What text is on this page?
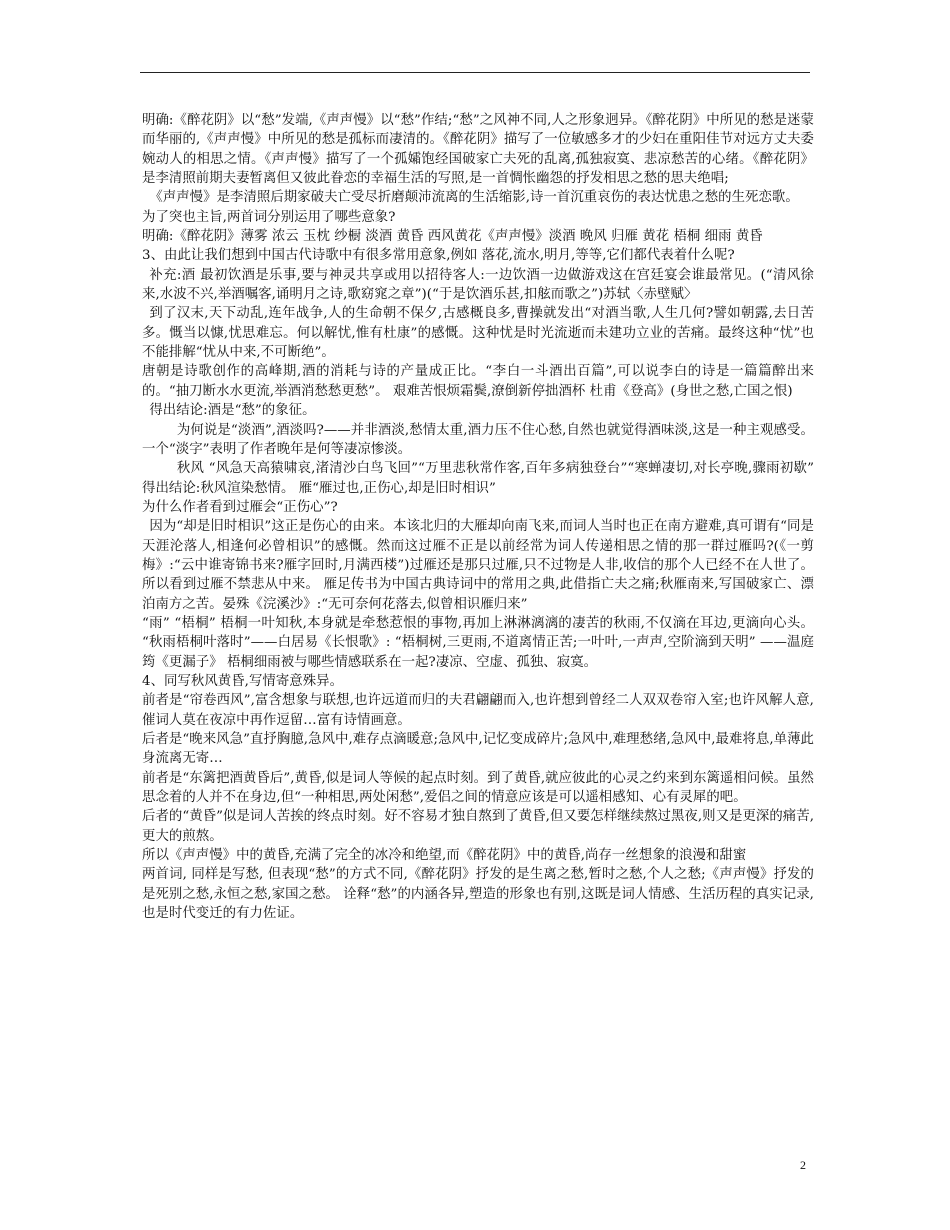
明确:《醉花阴》以“愁”发端,《声声慢》以“愁”作结;“愁”之风神不同,人之形象迥异。《醉花阴》中所见的愁是迷蒙而华丽的,《声声慢》中所见的愁是孤标而凄清的。《醉花阴》描写了一位敏感多才的少妇在重阳佳节对远方丈夫委婉动人的相思之情。《声声慢》描写了一个孤孀饱经国破家亡夫死的乱离,孤独寂寞、悲凉愁苦的心绪。《醉花阴》是李清照前期夫妻暂离但又彼此眷恋的幸福生活的写照,是一首惆怅幽怨的抒发相思之愁的思夫绝唱;

《声声慢》是李清照后期家破夫亡受尽折磨颠沛流离的生活缩影,诗一首沉重哀伤的表达忧患之愁的生死恋歌。

为了突也主旨,两首词分别运用了哪些意象?

明确:《醉花阴》薄雾 浓云 玉枕 纱橱 淡酒 黄昏 西风黄花《声声慢》淡酒 晚风 归雁 黄花 梧桐 细雨 黄昏

3、由此让我们想到中国古代诗歌中有很多常用意象,例如 落花,流水,明月,等等,它们都代表着什么呢?

补充:酒 最初饮酒是乐事,要与神灵共享或用以招待客人:一边饮酒一边做游戏这在宫廷宴会谁最常见。(“清风徐来,水波不兴,举酒嘱客,诵明月之诗,歌窈窕之章”)(“于是饮酒乐甚,扣舷而歌之”)苏轼〈赤壁赋〉

到了汉末,天下动乱,连年战争,人的生命朝不保夕,古感概良多,曹操就发出“对酒当歌,人生几何?譬如朝露,去日苦多。慨当以慷,忧思难忘。何以解忧,惟有杜康”的感慨。这种忧是时光流逝而未建功立业的苦痛。最终这种“忧”也不能排解“忧从中来,不可断绝”。

唐朝是诗歌创作的高峰期,酒的消耗与诗的产量成正比。“李白一斗酒出百篇”,可以说李白的诗是一篇篇醉出来的。“抽刀断水水更流,举酒消愁愁更愁”。 艰难苦恨烦霜鬓,潦倒新停拙酒杯 杜甫《登高》(身世之愁,亡国之恨)

得出结论:酒是“愁”的象征。

为何说是“淡酒”,酒淡吗?——并非酒淡,愁情太重,酒力压不住心愁,自然也就觉得酒味淡,这是一种主观感受。一个“淡字”表明了作者晚年是何等凄凉惨淡。

秋风 “风急天高猿啸哀,渚清沙白鸟飞回”“万里悲秋常作客,百年多病独登台”“寒蝉凄切,对长亭晚,骤雨初歇” 得出结论:秋风渲染愁情。 雁“雁过也,正伤心,却是旧时相识”

为什么作者看到过雁会“正伤心”?

因为“却是旧时相识”这正是伤心的由来。本该北归的大雁却向南飞来,而词人当时也正在南方避难,真可谓有“同是天涯沦落人,相逢何必曾相识”的感慨。然而这过雁不正是以前经常为词人传递相思之情的那一群过雁吗?(《一剪梅》:“云中谁寄锦书来?雁字回时,月满西楼”)过雁还是那只过雁,只不过物是人非,收信的那个人已经不在人世了。所以看到过雁不禁悲从中来。 雁足传书为中国古典诗词中的常用之典,此借指亡夫之痛;秋雁南来,写国破家亡、漂泊南方之苦。晏殊《浣溪沙》:“无可奈何花落去,似曾相识雁归来”

“雨” “梧桐” 梧桐一叶知秋,本身就是牵愁惹恨的事物,再加上淋淋漓漓的凄苦的秋雨,不仅滴在耳边,更滴向心头。 “秋雨梧桐叶落时”——白居易《长恨歌》: “梧桐树,三更雨,不道离情正苦;一叶叶,一声声,空阶滴到天明” ——温庭筠《更漏子》 梧桐细雨被与哪些情感联系在一起?凄凉、空虚、孤独、寂寞。

4、同写秋风黄昏,写情寄意殊异。

前者是“帘卷西风”,富含想象与联想,也许远道而归的夫君翩翩而入,也许想到曾经二人双双卷帘入室;也许风解人意,催词人莫在夜凉中再作逗留…富有诗情画意。

后者是“晚来风急”直抒胸臆,急风中,难存点滴暖意;急风中,记忆变成碎片;急风中,难理愁绪,急风中,最难将息,单薄此身流离无寄…

前者是“东篱把酒黄昏后”,黄昏,似是词人等候的起点时刻。到了黄昏,就应彼此的心灵之约来到东篱遥相问候。虽然思念着的人并不在身边,但“一种相思,两处闲愁”,爱侣之间的情意应该是可以遥相感知、心有灵犀的吧。

后者的“黄昏”似是词人苦挨的终点时刻。好不容易才独自熬到了黄昏,但又要怎样继续熬过黑夜,则又是更深的痛苦,更大的煎熬。

所以《声声慢》中的黄昏,充满了完全的冰冷和绝望,而《醉花阴》中的黄昏,尚存一丝想象的浪漫和甜蜜

两首词, 同样是写愁, 但表现“愁”的方式不同,《醉花阴》抒发的是生离之愁,暂时之愁,个人之愁;《声声慢》抒发的是死别之愁,永恒之愁,家国之愁。 诠释“愁”的内涵各异,塑造的形象也有别,这既是词人情感、生活历程的真实记录, 也是时代变迁的有力佐证。

2
